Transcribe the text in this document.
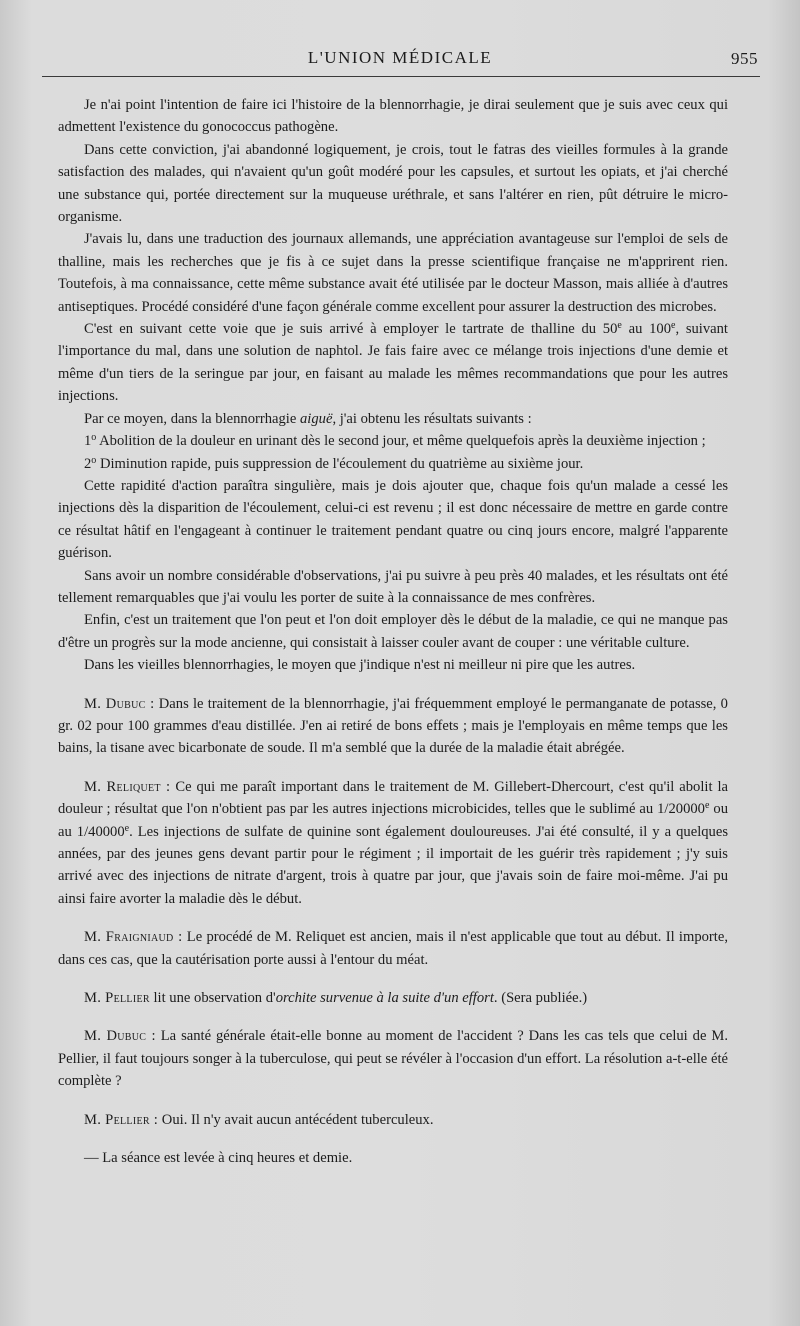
L'UNION MÉDICALE	955

Je n'ai point l'intention de faire ici l'histoire de la blennorrhagie, je dirai seulement que je suis avec ceux qui admettent l'existence du gonococcus pathogène.

Dans cette conviction, j'ai abandonné logiquement, je crois, tout le fatras des vieilles formules à la grande satisfaction des malades, qui n'avaient qu'un goût modéré pour les capsules, et surtout les opiats, et j'ai cherché une substance qui, portée directement sur la muqueuse uréthrale, et sans l'altérer en rien, pût détruire le micro-organisme.

J'avais lu, dans une traduction des journaux allemands, une appréciation avantageuse sur l'emploi de sels de thalline, mais les recherches que je fis à ce sujet dans la presse scientifique française ne m'apprirent rien. Toutefois, à ma connaissance, cette même substance avait été utilisée par le docteur Masson, mais alliée à d'autres antiseptiques. Procédé considéré d'une façon générale comme excellent pour assurer la destruction des microbes.

C'est en suivant cette voie que je suis arrivé à employer le tartrate de thalline du 50e au 100e, suivant l'importance du mal, dans une solution de naphtol. Je fais faire avec ce mélange trois injections d'une demie et même d'un tiers de la seringue par jour, en faisant au malade les mêmes recommandations que pour les autres injections.

Par ce moyen, dans la blennorrhagie aiguë, j'ai obtenu les résultats suivants :

1$^o$ Abolition de la douleur en urinant dès le second jour, et même quelquefois après la deuxième injection ;

2$^o$ Diminution rapide, puis suppression de l'écoulement du quatrième au sixième jour.

Cette rapidité d'action paraîtra singulière, mais je dois ajouter que, chaque fois qu'un malade a cessé les injections dès la disparition de l'écoulement, celui-ci est revenu ; il est donc nécessaire de mettre en garde contre ce résultat hâtif en l'engageant à continuer le traitement pendant quatre ou cinq jours encore, malgré l'apparente guérison.

Sans avoir un nombre considérable d'observations, j'ai pu suivre à peu près 40 malades, et les résultats ont été tellement remarquables que j'ai voulu les porter de suite à la connaissance de mes confrères.

Enfin, c'est un traitement que l'on peut et l'on doit employer dès le début de la maladie, ce qui ne manque pas d'être un progrès sur la mode ancienne, qui consistait à laisser couler avant de couper : une véritable culture.

Dans les vieilles blennorrhagies, le moyen que j'indique n'est ni meilleur ni pire que les autres.

M. Dubuc : Dans le traitement de la blennorrhagie, j'ai fréquemment employé le permanganate de potasse, 0 gr. 02 pour 100 grammes d'eau distillée. J'en ai retiré de bons effets ; mais je l'employais en même temps que les bains, la tisane avec bicarbonate de soude. Il m'a semblé que la durée de la maladie était abrégée.

M. Reliquet : Ce qui me paraît important dans le traitement de M. Gillebert-Dhercourt, c'est qu'il abolit la douleur ; résultat que l'on n'obtient pas par les autres injections microbicides, telles que le sublimé au 1/20000e ou au 1/40000e. Les injections de sulfate de quinine sont également douloureuses. J'ai été consulté, il y a quelques années, par des jeunes gens devant partir pour le régiment ; il importait de les guérir très rapidement ; j'y suis arrivé avec des injections de nitrate d'argent, trois à quatre par jour, que j'avais soin de faire moi-même. J'ai pu ainsi faire avorter la maladie dès le début.

M. Fraigniaud : Le procédé de M. Reliquet est ancien, mais il n'est applicable que tout au début. Il importe, dans ces cas, que la cautérisation porte aussi à l'entour du méat.

M. Pellier lit une observation d'orchite survenue à la suite d'un effort. (Sera publiée.)

M. Dubuc : La santé générale était-elle bonne au moment de l'accident ? Dans les cas tels que celui de M. Pellier, il faut toujours songer à la tuberculose, qui peut se révéler à l'occasion d'un effort. La résolution a-t-elle été complète ?

M. Pellier : Oui. Il n'y avait aucun antécédent tuberculeux.

— La séance est levée à cinq heures et demie.
